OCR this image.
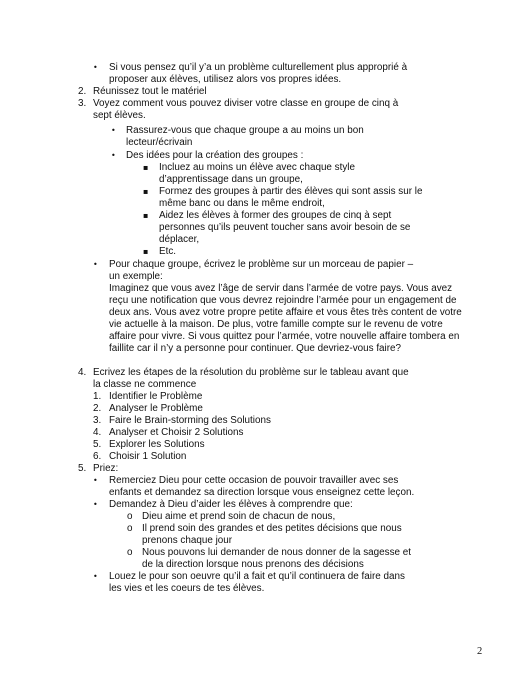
• Si vous pensez qu’il y’a un problème culturellement plus approprié à
proposer aux élèves, utilisez alors vos propres idées.
2. Réunissez tout le matériel
3. Voyez comment vous pouvez diviser votre classe en groupe de cinq à
sept élèves.
• Rassurez-vous que chaque groupe a au moins un bon
lecteur/écrivain
• Des idées pour la création des groupes :
▪ Incluez au moins un élève avec chaque style
d’apprentissage dans un groupe,
▪ Formez des groupes à partir des élèves qui sont assis sur le
même banc ou dans le même endroit,
▪ Aidez les élèves à former des groupes de cinq à sept
personnes qu’ils peuvent toucher sans avoir besoin de se
déplacer,
▪ Etc.
• Pour chaque groupe, écrivez le problème sur un morceau de papier –
un exemple:
Imaginez que vous avez l’âge de servir dans l’armée de votre pays. Vous avez
reçu une notification que vous devrez rejoindre l’armée pour un engagement de
deux ans. Vous avez votre propre petite affaire et vous êtes très content de votre
vie actuelle à la maison. De plus, votre famille compte sur le revenu de votre
affaire pour vivre. Si vous quittez pour l’armée, votre nouvelle affaire tombera en
faillite car il n’y a personne pour continuer. Que devriez-vous faire?
4. Ecrivez les étapes de la résolution du problème sur le tableau avant que
la classe ne commence
1. Identifier le Problème
2. Analyser le Problème
3. Faire le Brain-storming des Solutions
4. Analyser et Choisir 2 Solutions
5. Explorer les Solutions
6. Choisir 1 Solution
5. Priez:
• Remerciez Dieu pour cette occasion de pouvoir travailler avec ses
enfants et demandez sa direction lorsque vous enseignez cette leçon.
• Demandez à Dieu d’aider les élèves à comprendre que:
o Dieu aime et prend soin de chacun de nous,
o Il prend soin des grandes et des petites décisions que nous
prenons chaque jour
o Nous pouvons lui demander de nous donner de la sagesse et
de la direction lorsque nous prenons des décisions
• Louez le pour son oeuvre qu’il a fait et qu’il continuera de faire dans
les vies et les coeurs de tes élèves.
2
